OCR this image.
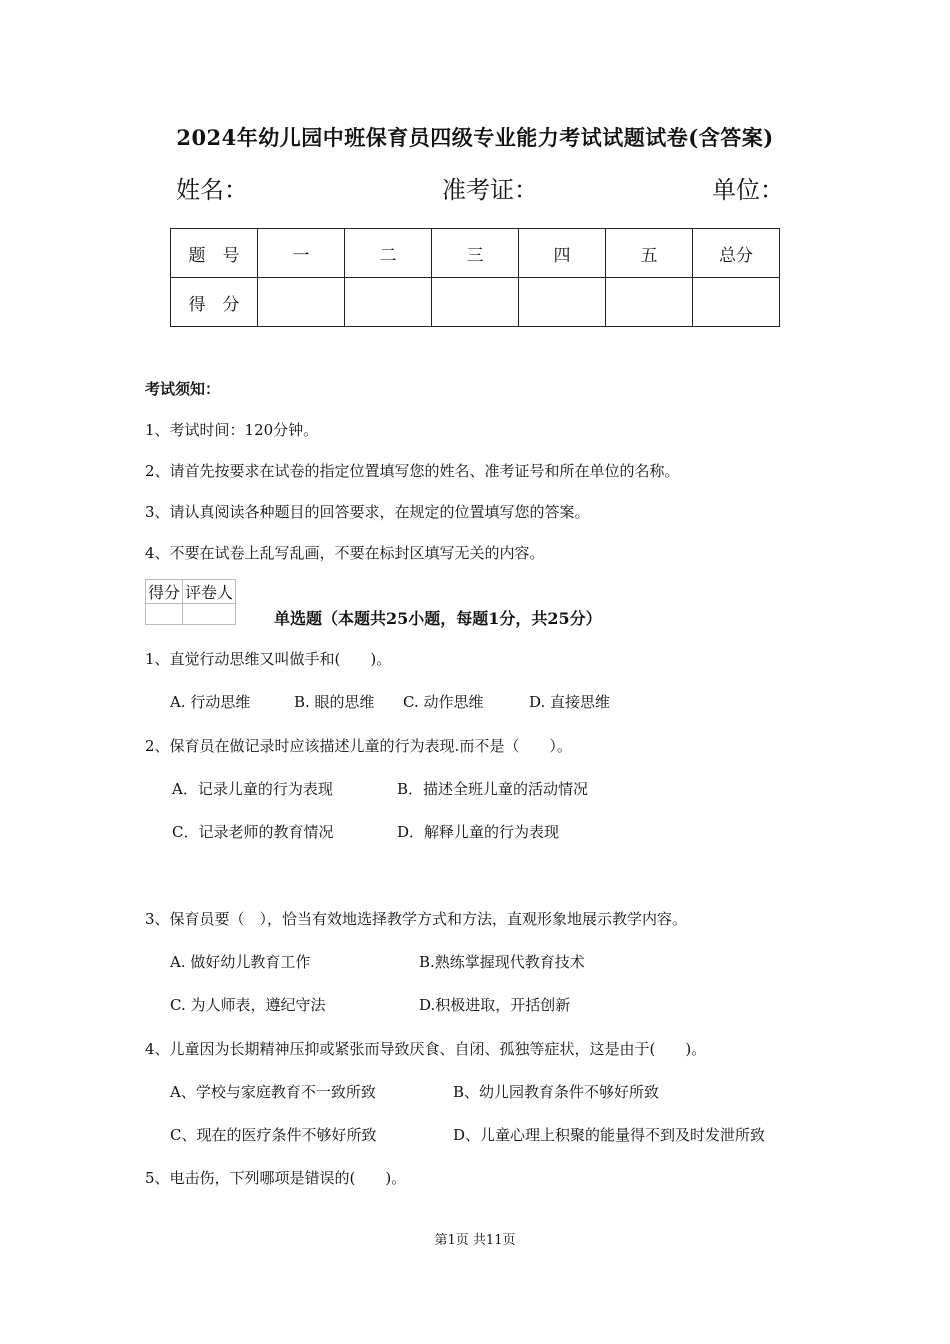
2024年幼儿园中班保育员四级专业能力考试试题试卷(含答案)
姓名：	准考证：	单位：
题　号	一	二	三	四	五	总分
得　分						
考试须知：
1、考试时间：120分钟。
2、请首先按要求在试卷的指定位置填写您的姓名、准考证号和所在单位的名称。
3、请认真阅读各种题目的回答要求，在规定的位置填写您的答案。
4、不要在试卷上乱写乱画，不要在标封区填写无关的内容。
得分	评卷人

单选题（本题共25小题，每题1分，共25分）
1、直觉行动思维又叫做手和(　　)。
A. 行动思维	B. 眼的思维 C. 动作思维	D. 直接思维
2、保育员在做记录时应该描述儿童的行为表现.而不是（　　）。
A．记录儿童的行为表现	B．描述全班儿童的活动情况
C．记录老师的教育情况	D．解释儿童的行为表现
3、保育员要（　），恰当有效地选择教学方式和方法，直观形象地展示教学内容。
A. 做好幼儿教育工作	B.熟练掌握现代教育技术
C. 为人师表，遵纪守法	D.积极进取，开括创新
4、儿童因为长期精神压抑或紧张而导致厌食、自闭、孤独等症状，这是由于(　　)。
A、学校与家庭教育不一致所致	B、幼儿园教育条件不够好所致
C、现在的医疗条件不够好所致	D、儿童心理上积聚的能量得不到及时发泄所致
5、电击伤，下列哪项是错误的(　　)。
第1页 共11页
